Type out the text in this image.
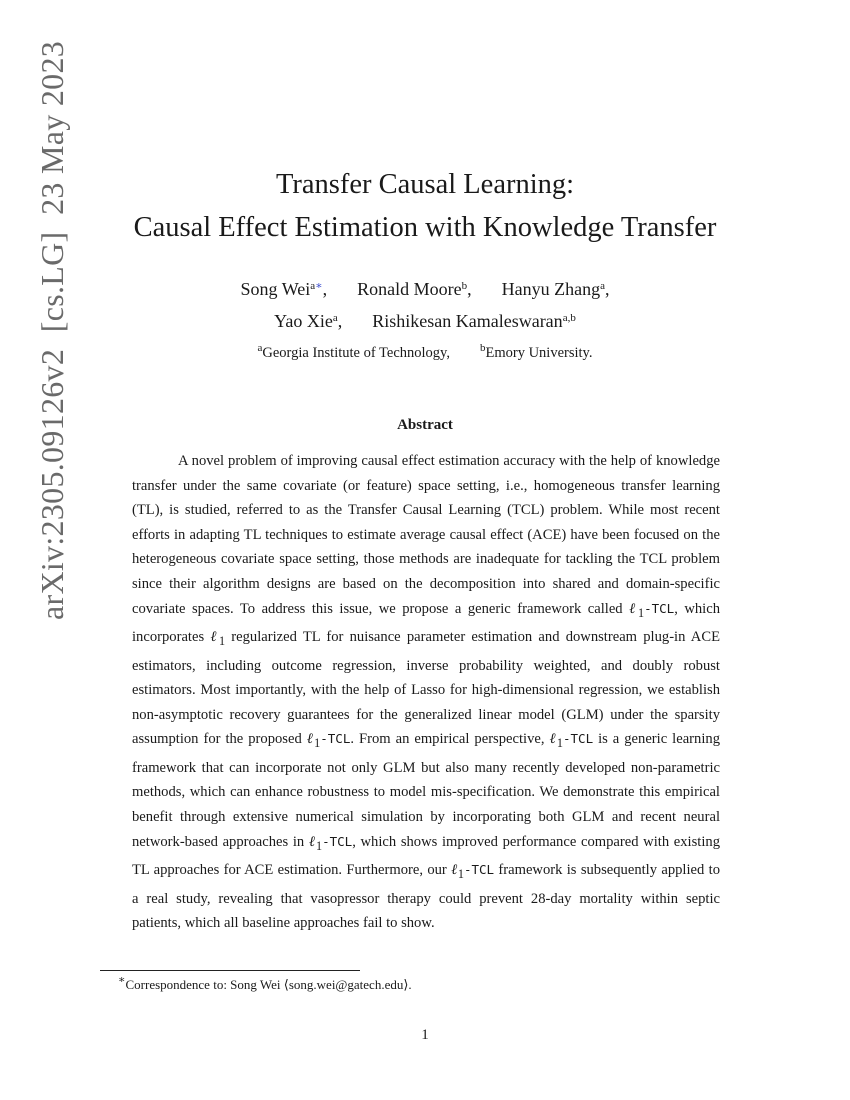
arXiv:2305.09126v2  [cs.LG]  23 May 2023	Transfer Causal Learning:
Causal Effect Estimation with Knowledge Transfer
Song Wei$^{a∗}$, Ronald Moore$^b$, Hanyu Zhang$^a$,
Yao Xie$^a$, Rishikesan Kamaleswaran$^{a,b}$
$^a$Georgia Institute of Technology,	$^b$Emory University.
Abstract

A novel problem of improving causal effect estimation accuracy with the help of knowledge transfer under the same covariate (or feature) space setting, i.e., homogeneous transfer learning (TL), is studied, referred to as the Transfer Causal Learning (TCL) problem. While most recent efforts in adapting TL techniques to estimate average causal effect (ACE) have been focused on the heterogeneous covariate space setting, those methods are inadequate for tackling the TCL problem since their algorithm designs are based on the decomposition into shared and domain-specific covariate spaces. To address this issue, we propose a generic framework called ℓ$_1$-TCL, which incorporates ℓ$_1$ regularized TL for nuisance parameter estimation and downstream plug-in ACE estimators, including outcome regression, inverse probability weighted, and doubly robust estimators. Most importantly, with the help of Lasso for high-dimensional regression, we establish non-asymptotic recovery guarantees for the generalized linear model (GLM) under the sparsity assumption for the proposed ℓ$_1$-TCL. From an empirical perspective, ℓ$_1$-TCL is a generic learning framework that can incorporate not only GLM but also many recently developed non-parametric methods, which can enhance robustness to model mis-specification. We demonstrate this empirical benefit through extensive numerical simulation by incorporating both GLM and recent neural network-based approaches in ℓ$_1$-TCL, which shows improved performance compared with existing TL approaches for ACE estimation. Furthermore, our ℓ$_1$-TCL framework is subsequently applied to a real study, revealing that vasopressor therapy could prevent 28-day mortality within septic patients, which all baseline approaches fail to show.

∗Correspondence to: Song Wei ⟨song.wei@gatech.edu⟩.
1
